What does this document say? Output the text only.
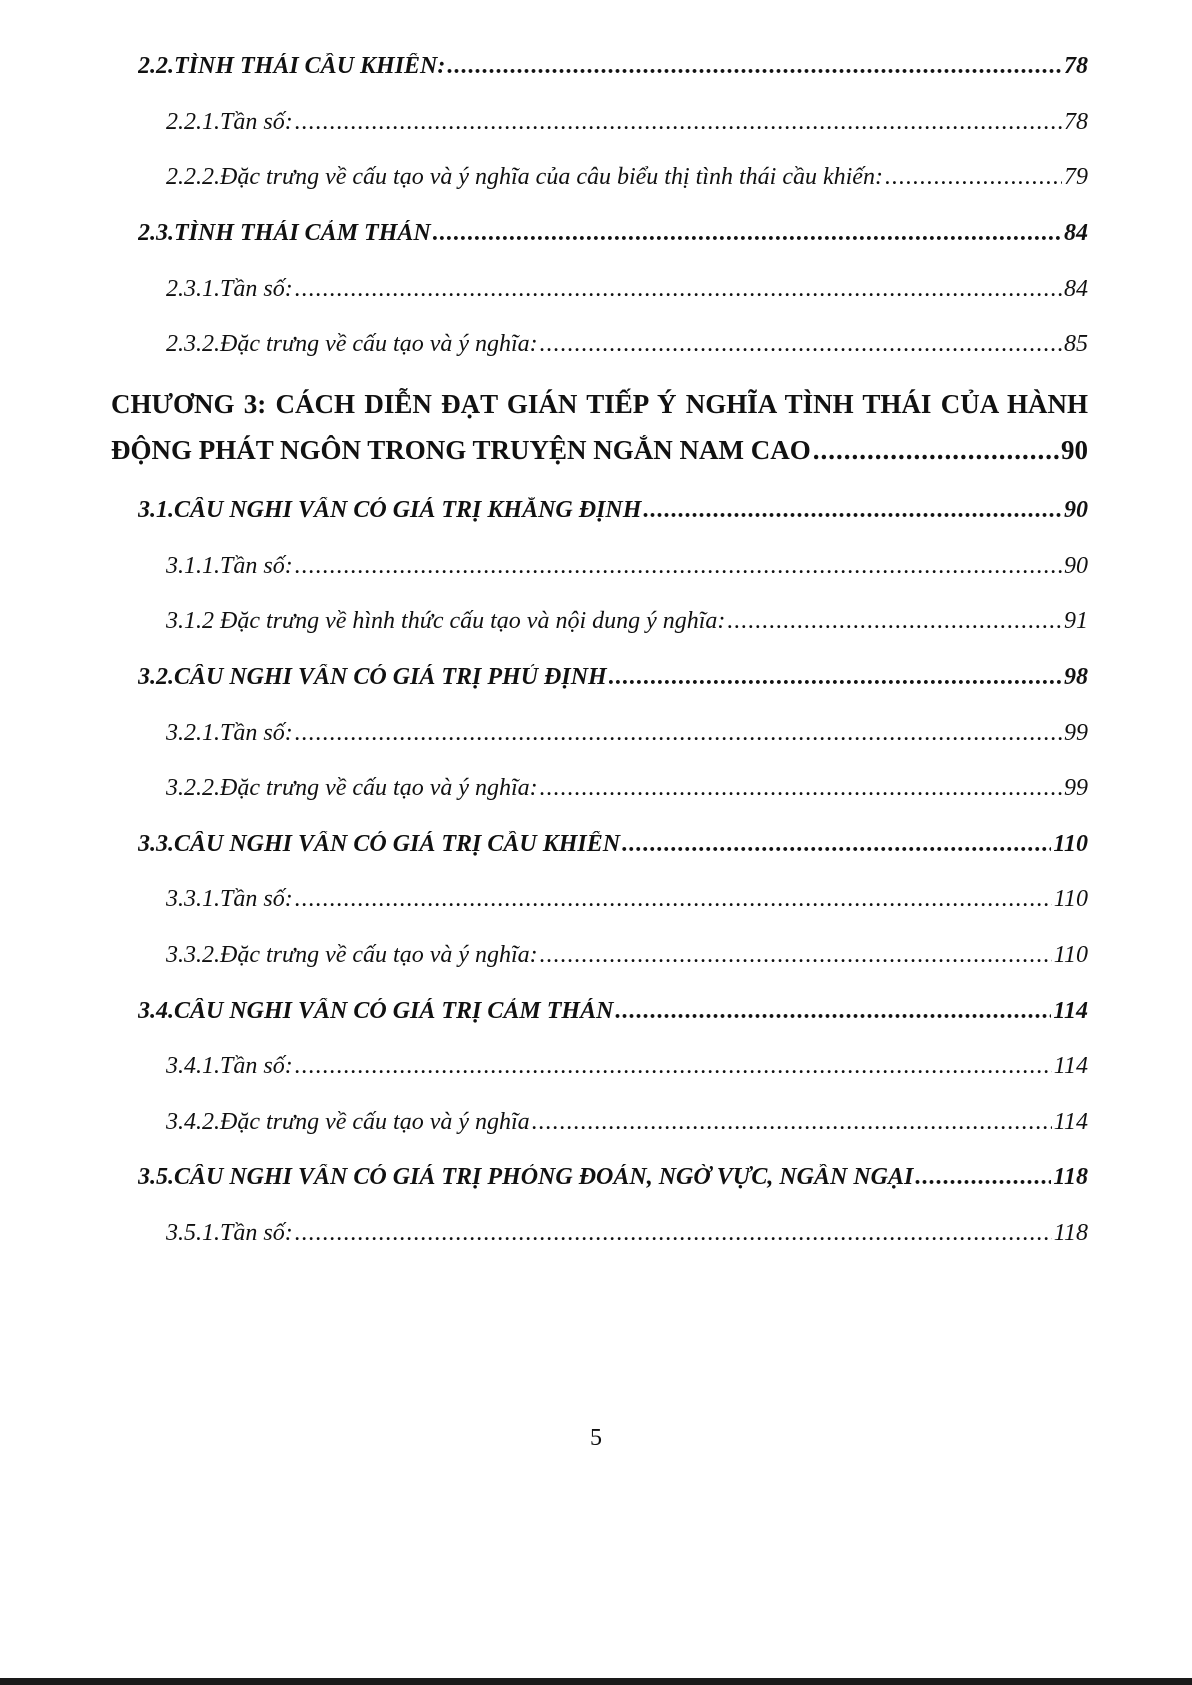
2.2.TÌNH THÁI CẦU KHIẾN: .....	78
2.2.1.Tần số: .....	78
2.2.2.Đặc trưng về cấu tạo và ý nghĩa của câu biểu thị tình thái cầu khiến: .....	79
2.3.TÌNH THÁI CẢM THÁN .....	84
2.3.1.Tần số: .....	84
2.3.2.Đặc trưng về cấu tạo và ý nghĩa: .....	85
CHƯƠNG 3: CÁCH DIỄN ĐẠT GIÁN TIẾP Ý NGHĨA TÌNH THÁI CỦA HÀNH
ĐỘNG PHÁT NGÔN TRONG TRUYỆN NGẮN NAM CAO .....	90
3.1.CÂU NGHI VẤN CÓ GIÁ TRỊ KHẲNG ĐỊNH .....	90
3.1.1.Tần số: .....	90
3.1.2 Đặc trưng về hình thức cấu tạo và nội dung ý nghĩa: .....	91
3.2.CÂU NGHI VẤN CÓ GIÁ TRỊ PHỦ ĐỊNH .....	98
3.2.1.Tần số: .....	99
3.2.2.Đặc trưng về cấu tạo và ý nghĩa: .....	99
3.3.CÂU NGHI VẤN CÓ GIÁ TRỊ CẦU KHIẾN .....	110
3.3.1.Tần số: .....	110
3.3.2.Đặc trưng về cấu tạo và ý nghĩa: .....	110
3.4.CÂU NGHI VẤN CÓ GIÁ TRỊ CẢM THÁN .....	114
3.4.1.Tần số: .....	114
3.4.2.Đặc trưng về cấu tạo và ý nghĩa .....	114
3.5.CÂU NGHI VẤN CÓ GIÁ TRỊ PHỎNG ĐOÁN, NGỜ VỰC, NGẦN NGẠI .....	118
3.5.1.Tần số: .....	118
5
